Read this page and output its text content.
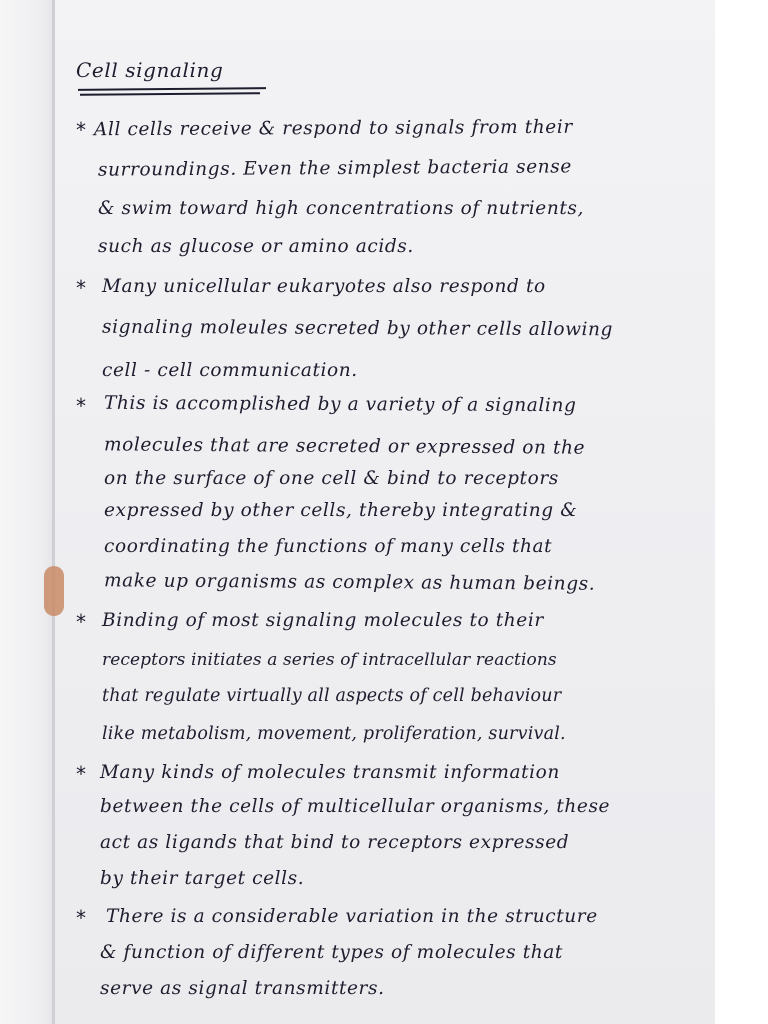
Cell signaling
* All cells receive & respond to signals from their
surroundings. Even the simplest bacteria sense
& swim toward high concentrations of nutrients,
such as glucose or amino acids.
* Many unicellular eukaryotes also respond to
signaling moleules secreted by other cells allowing
cell - cell communication.
* This is accomplished by a variety of a signaling
molecules that are secreted or expressed on the
on the surface of one cell & bind to receptors
expressed by other cells, thereby integrating &
coordinating the functions of many cells that
make up organisms as complex as human beings.
* Binding of most signaling molecules to their
receptors initiates a series of intracellular reactions
that regulate virtually all aspects of cell behaviour
like metabolism, movement, proliferation, survival.
* Many kinds of molecules transmit information
between the cells of multicellular organisms, these
act as ligands that bind to receptors expressed
by their target cells.
* There is a considerable variation in the structure
& function of different types of molecules that
serve as signal transmitters.
